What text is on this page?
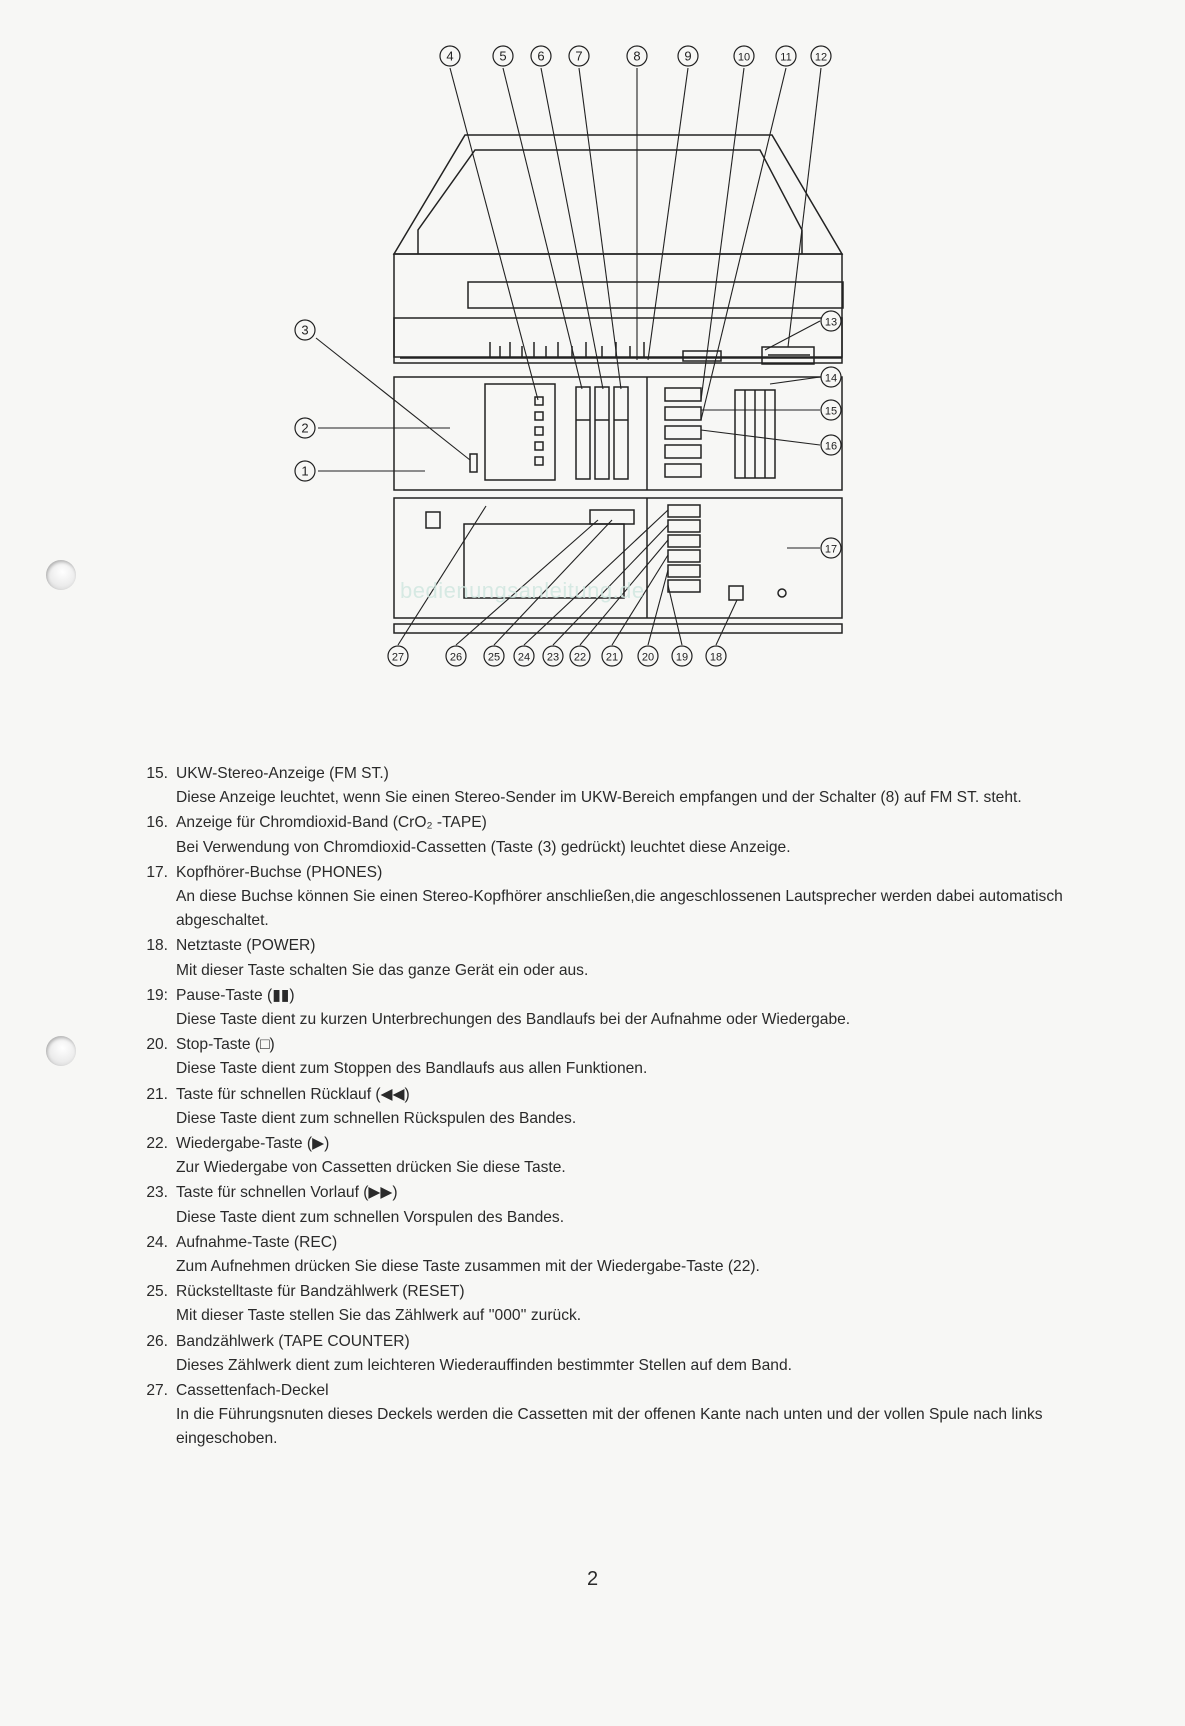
4	5 6 7	8	9	10	11 12
3
2
1
13
14
15
16
17
27	26 25 24 23 22 21 20 19 18
bedienungsanleitung.de
15. UKW-Stereo-Anzeige (FM ST.)
Diese Anzeige leuchtet, wenn Sie einen Stereo-Sender im UKW-Bereich empfangen und der Schalter (8) auf FM ST. steht.
16. Anzeige für Chromdioxid-Band (CrO₂ -TAPE)
Bei Verwendung von Chromdioxid-Cassetten (Taste (3) gedrückt) leuchtet diese Anzeige.
17. Kopfhörer-Buchse (PHONES)
An diese Buchse können Sie einen Stereo-Kopfhörer anschließen,die angeschlossenen Lautsprecher werden dabei automatisch abgeschaltet.
18. Netztaste (POWER)
Mit dieser Taste schalten Sie das ganze Gerät ein oder aus.
19: Pause-Taste (▮▮)
Diese Taste dient zu kurzen Unterbrechungen des Bandlaufs bei der Aufnahme oder Wiedergabe.
20. Stop-Taste (□)
Diese Taste dient zum Stoppen des Bandlaufs aus allen Funktionen.
21. Taste für schnellen Rücklauf (◀◀)
Diese Taste dient zum schnellen Rückspulen des Bandes.
22. Wiedergabe-Taste (▶)
Zur Wiedergabe von Cassetten drücken Sie diese Taste.
23. Taste für schnellen Vorlauf (▶▶)
Diese Taste dient zum schnellen Vorspulen des Bandes.
24. Aufnahme-Taste (REC)
Zum Aufnehmen drücken Sie diese Taste zusammen mit der Wiedergabe-Taste (22).
25. Rückstelltaste für Bandzählwerk (RESET)
Mit dieser Taste stellen Sie das Zählwerk auf ''000'' zurück.
26. Bandzählwerk (TAPE COUNTER)
Dieses Zählwerk dient zum leichteren Wiederauffinden bestimmter Stellen auf dem Band.
27. Cassettenfach-Deckel
In die Führungsnuten dieses Deckels werden die Cassetten mit der offenen Kante nach unten und der vollen Spule nach links eingeschoben.
2
